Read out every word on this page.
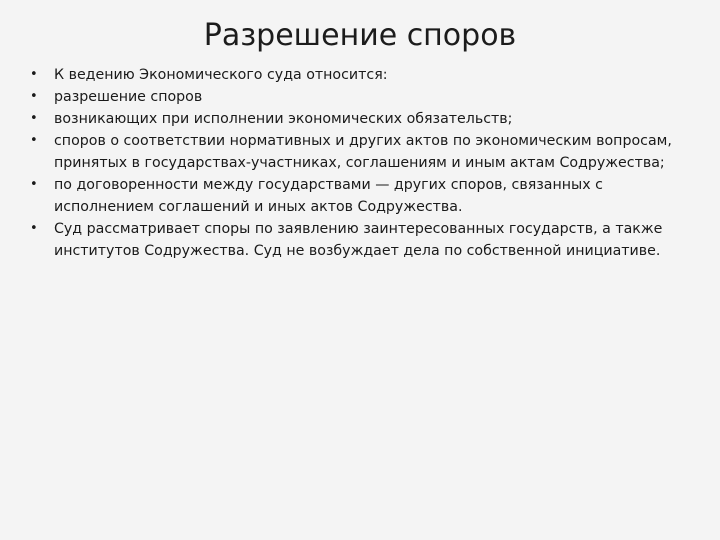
Разрешение споров
• К ведению Экономического суда относится:
• разрешение споров
• возникающих при исполнении экономических обязательств;
• споров о соответствии нормативных и других актов по экономическим вопросам, принятых в государствах-участниках, соглашениям и иным актам Содружества;
• по договоренности между государствами — других споров, связанных с исполнением соглашений и иных актов Содружества.
• Суд рассматривает споры по заявлению заинтересованных государств, а также институтов Содружества. Суд не возбуждает дела по собственной инициативе.
